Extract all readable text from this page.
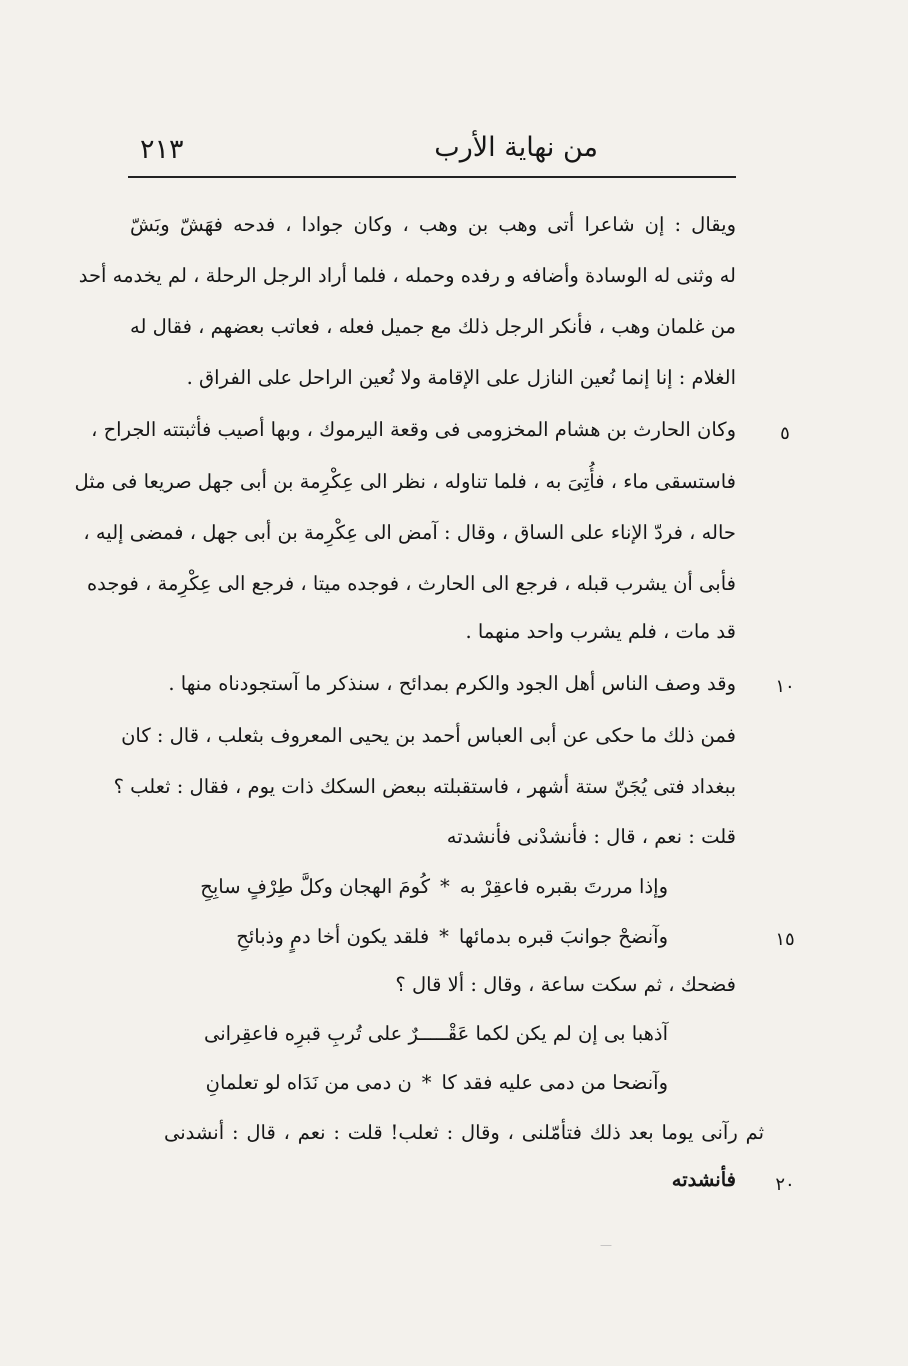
من نهاية الأرب
٢١٣
ويقال : إن شاعرا أتى وهب بن وهب ، وكان جوادا ، فدحه فهَشّ وبَشّ
له وثنى له الوسادة وأضافه و رفده وحمله ، فلما أراد الرجل الرحلة ، لم يخدمه أحد
من غلمان وهب ، فأنكر الرجل ذلك مع جميل فعله ، فعاتب بعضهم ، فقال له
الغلام : إنا إنما نُعين النازل على الإقامة ولا نُعين الراحل على الفراق .
وكان الحارث بن هشام المخزومى فى وقعة اليرموك ، وبها أصيب فأثبتته الجراح ،
فاستسقى ماء ، فأُتِىَ به ، فلما تناوله ، نظر الى عِكْرِمة بن أبى جهل صريعا فى مثل
حاله ، فردّ الإناء على الساق ، وقال : آمض الى عِكْرِمة بن أبى جهل ، فمضى إليه ،
فأبى أن يشرب قبله ، فرجع الى الحارث ، فوجده ميتا ، فرجع الى عِكْرِمة ، فوجده
قد مات ، فلم يشرب واحد منهما .
وقد وصف الناس أهل الجود والكرم بمدائح ، سنذكر ما آستجودناه منها .
فمن ذلك ما حكى عن أبى العباس أحمد بن يحيى المعروف بثعلب ، قال : كان
ببغداد فتى يُجَنّ ستة أشهر ، فاستقبلته ببعض السكك ذات يوم ، فقال : ثعلب ؟
قلت : نعم ، قال : فأنشدْنى فأنشدته
وإذا مررتَ بقبره فاعقِرْ به*كُومَ الهجان وكلَّ طِرْفٍ سابِحِ
وآنضحْ جوانبَ قبره بدمائها*فلقد يكون أخا دمٍ وذبائحِ
فضحك ، ثم سكت ساعة ، وقال : ألا قال ؟
آذهبا بى إن لم يكن لكما عَقْـــــرٌ على تُربِ قبرِه فاعقِرانى
وآنضحا من دمى عليه فقد كا*ن دمى من نَدَاه لو تعلمانِ
ثم رآنى يوما بعد ذلك فتأمّلنى ، وقال : ثعلب! قلت : نعم ، قال : أنشدنى
فأنشدته
٥
١٠
١٥
٢٠
—
